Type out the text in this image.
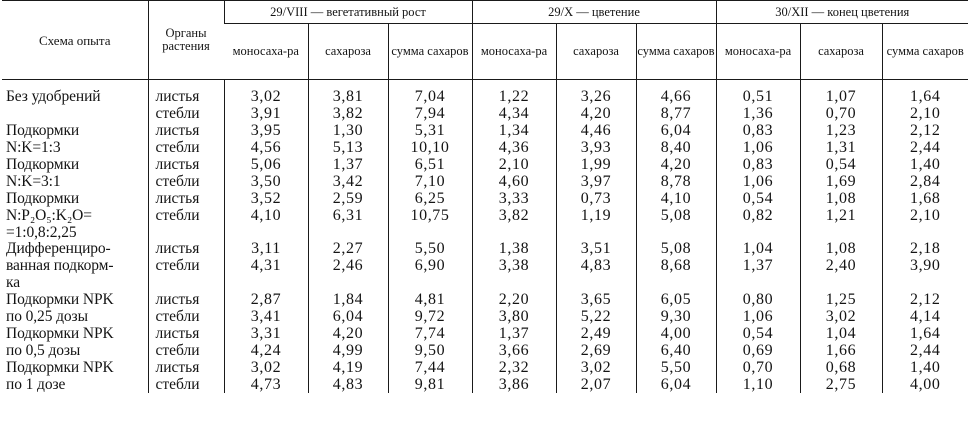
Схема опыта	Органы растения	29/VIII — вегетативный рост			29/X — цветение			30/XII — конец цветения		
		моносаха-ра	сахароза	сумма сахаров	моносаха-ра	сахароза	сумма сахаров	моносаха-ра	сахароза	сумма сахаров

Без удобрений	листья	3,02	3,81	7,04	1,22	3,26	4,66	0,51	1,07	1,64
	стебли	3,91	3,82	7,94	4,34	4,20	8,77	1,36	0,70	2,10
Подкормки	листья	3,95	1,30	5,31	1,34	4,46	6,04	0,83	1,23	2,12
N:K=1:3	стебли	4,56	5,13	10,10	4,36	3,93	8,40	1,06	1,31	2,44
Подкормки	листья	5,06	1,37	6,51	2,10	1,99	4,20	0,83	0,54	1,40
N:K=3:1	стебли	3,50	3,42	7,10	4,60	3,97	8,78	1,06	1,69	2,84
Подкормки	листья	3,52	2,59	6,25	3,33	0,73	4,10	0,54	1,08	1,68
N:P₂O₅:K₂O=	стебли	4,10	6,31	10,75	3,82	1,19	5,08	0,82	1,21	2,10
=1:0,8:2,25										
Дифференциро-	листья	3,11	2,27	5,50	1,38	3,51	5,08	1,04	1,08	2,18
ванная подкорм-	стебли	4,31	2,46	6,90	3,38	4,83	8,68	1,37	2,40	3,90
ка										
Подкормки NPK	листья	2,87	1,84	4,81	2,20	3,65	6,05	0,80	1,25	2,12
по 0,25 дозы	стебли	3,41	6,04	9,72	3,80	5,22	9,30	1,06	3,02	4,14
Подкормки NPK	листья	3,31	4,20	7,74	1,37	2,49	4,00	0,54	1,04	1,64
по 0,5 дозы	стебли	4,24	4,99	9,50	3,66	2,69	6,40	0,69	1,66	2,44
Подкормки NPK	листья	3,02	4,19	7,44	2,32	3,02	5,50	0,70	0,68	1,40
по 1 дозе	стебли	4,73	4,83	9,81	3,86	2,07	6,04	1,10	2,75	4,00
